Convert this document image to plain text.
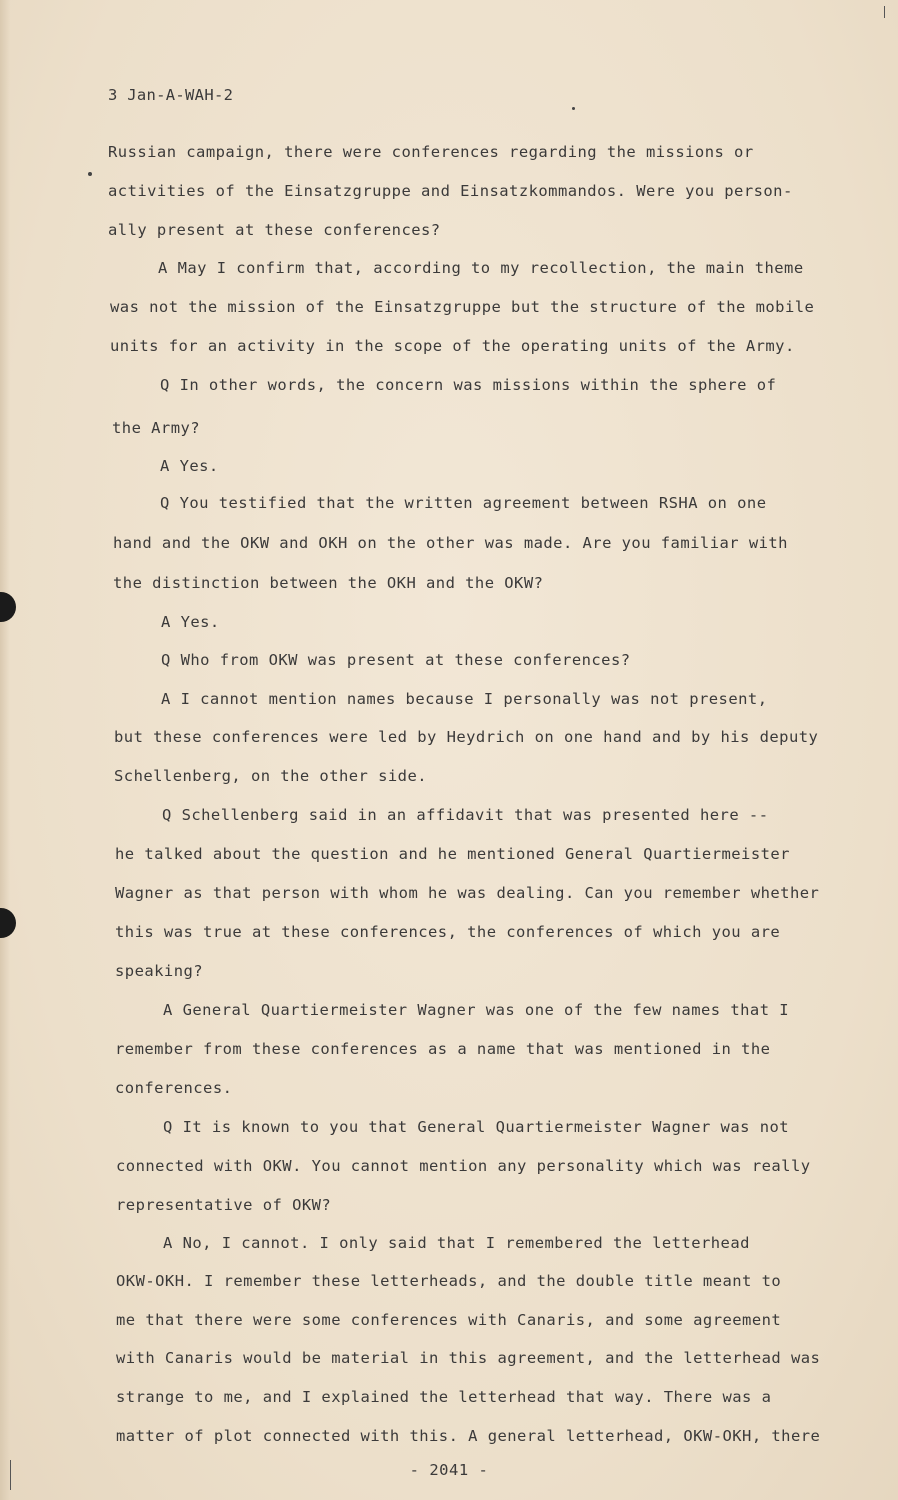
3 Jan-A-WAH-2
Russian campaign, there were conferences regarding the missions or
activities of the Einsatzgruppe and Einsatzkommandos. Were you person-
ally present at these conferences?
A May I confirm that, according to my recollection, the main theme
was not the mission of the Einsatzgruppe but the structure of the mobile
units for an activity in the scope of the operating units of the Army.
Q In other words, the concern was missions within the sphere of
the Army?
A Yes.
Q You testified that the written agreement between RSHA on one
hand and the OKW and OKH on the other was made. Are you familiar with
the distinction between the OKH and the OKW?
A Yes.
Q Who from OKW was present at these conferences?
A I cannot mention names because I personally was not present,
but these conferences were led by Heydrich on one hand and by his deputy
Schellenberg, on the other side.
Q Schellenberg said in an affidavit that was presented here --
he talked about the question and he mentioned General Quartiermeister
Wagner as that person with whom he was dealing. Can you remember whether
this was true at these conferences, the conferences of which you are
speaking?
A General Quartiermeister Wagner was one of the few names that I
remember from these conferences as a name that was mentioned in the
conferences.
Q It is known to you that General Quartiermeister Wagner was not
connected with OKW. You cannot mention any personality which was really
representative of OKW?
A No, I cannot. I only said that I remembered the letterhead
OKW-OKH. I remember these letterheads, and the double title meant to
me that there were some conferences with Canaris, and some agreement
with Canaris would be material in this agreement, and the letterhead was
strange to me, and I explained the letterhead that way. There was a
matter of plot connected with this. A general letterhead, OKW-OKH, there
- 2041 -
